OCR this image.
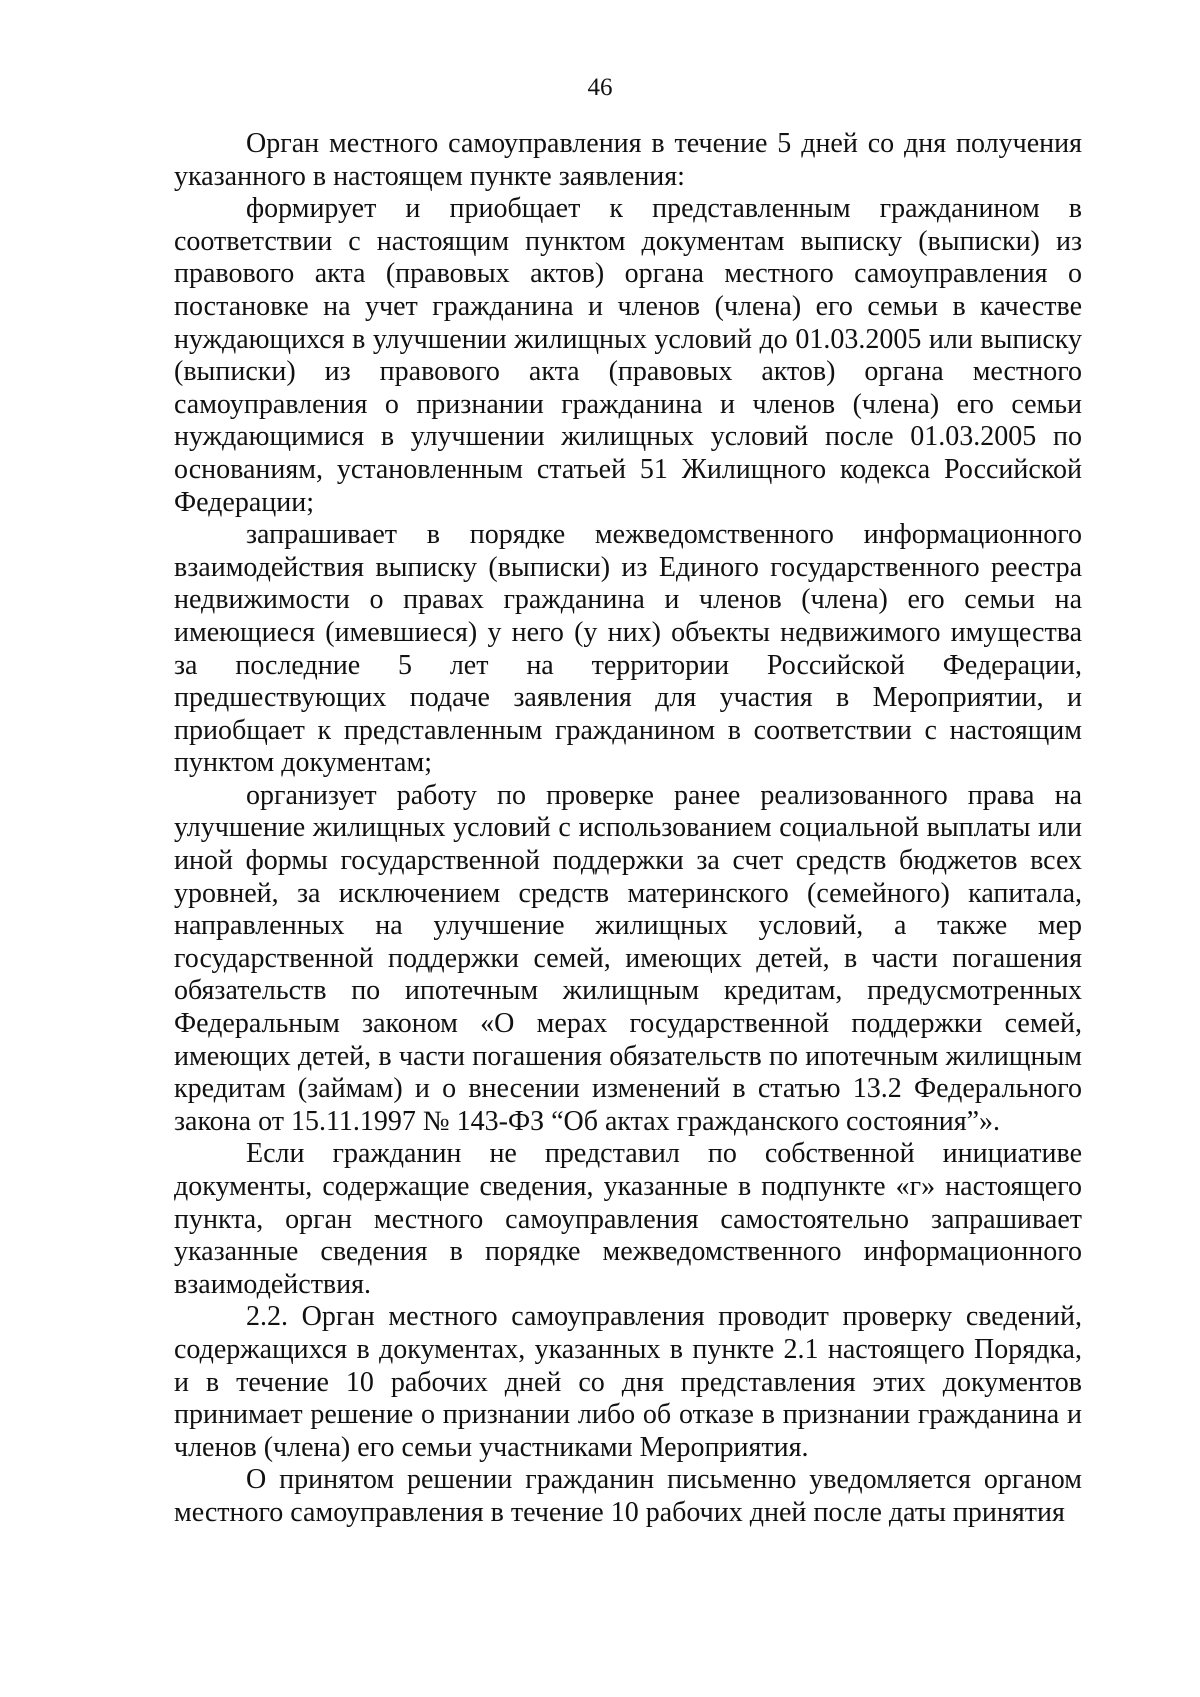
46

Орган местного самоуправления в течение 5 дней со дня получения указанного в настоящем пункте заявления:

формирует и приобщает к представленным гражданином в соответствии с настоящим пунктом документам выписку (выписки) из правового акта (правовых актов) органа местного самоуправления о постановке на учет гражданина и членов (члена) его семьи в качестве нуждающихся в улучшении жилищных условий до 01.03.2005 или выписку (выписки) из правового акта (правовых актов) органа местного самоуправления о признании гражданина и членов (члена) его семьи нуждающимися в улучшении жилищных условий после 01.03.2005 по основаниям, установленным статьей 51 Жилищного кодекса Российской Федерации;

запрашивает в порядке межведомственного информационного взаимодействия выписку (выписки) из Единого государственного реестра недвижимости о правах гражданина и членов (члена) его семьи на имеющиеся (имевшиеся) у него (у них) объекты недвижимого имущества за последние 5 лет на территории Российской Федерации, предшествующих подаче заявления для участия в Мероприятии, и приобщает к представленным гражданином в соответствии с настоящим пунктом документам;

организует работу по проверке ранее реализованного права на улучшение жилищных условий с использованием социальной выплаты или иной формы государственной поддержки за счет средств бюджетов всех уровней, за исключением средств материнского (семейного) капитала, направленных на улучшение жилищных условий, а также мер государственной поддержки семей, имеющих детей, в части погашения обязательств по ипотечным жилищным кредитам, предусмотренных Федеральным законом «О мерах государственной поддержки семей, имеющих детей, в части погашения обязательств по ипотечным жилищным кредитам (займам) и о внесении изменений в статью 13.2 Федерального закона от 15.11.1997 № 143-ФЗ “Об актах гражданского состояния”».

Если гражданин не представил по собственной инициативе документы, содержащие сведения, указанные в подпункте «г» настоящего пункта, орган местного самоуправления самостоятельно запрашивает указанные сведения в порядке межведомственного информационного взаимодействия.

2.2. Орган местного самоуправления проводит проверку сведений, содержащихся в документах, указанных в пункте 2.1 настоящего Порядка, и в течение 10 рабочих дней со дня представления этих документов принимает решение о признании либо об отказе в признании гражданина и членов (члена) его семьи участниками Мероприятия.

О принятом решении гражданин письменно уведомляется органом местного самоуправления в течение 10 рабочих дней после даты принятия
